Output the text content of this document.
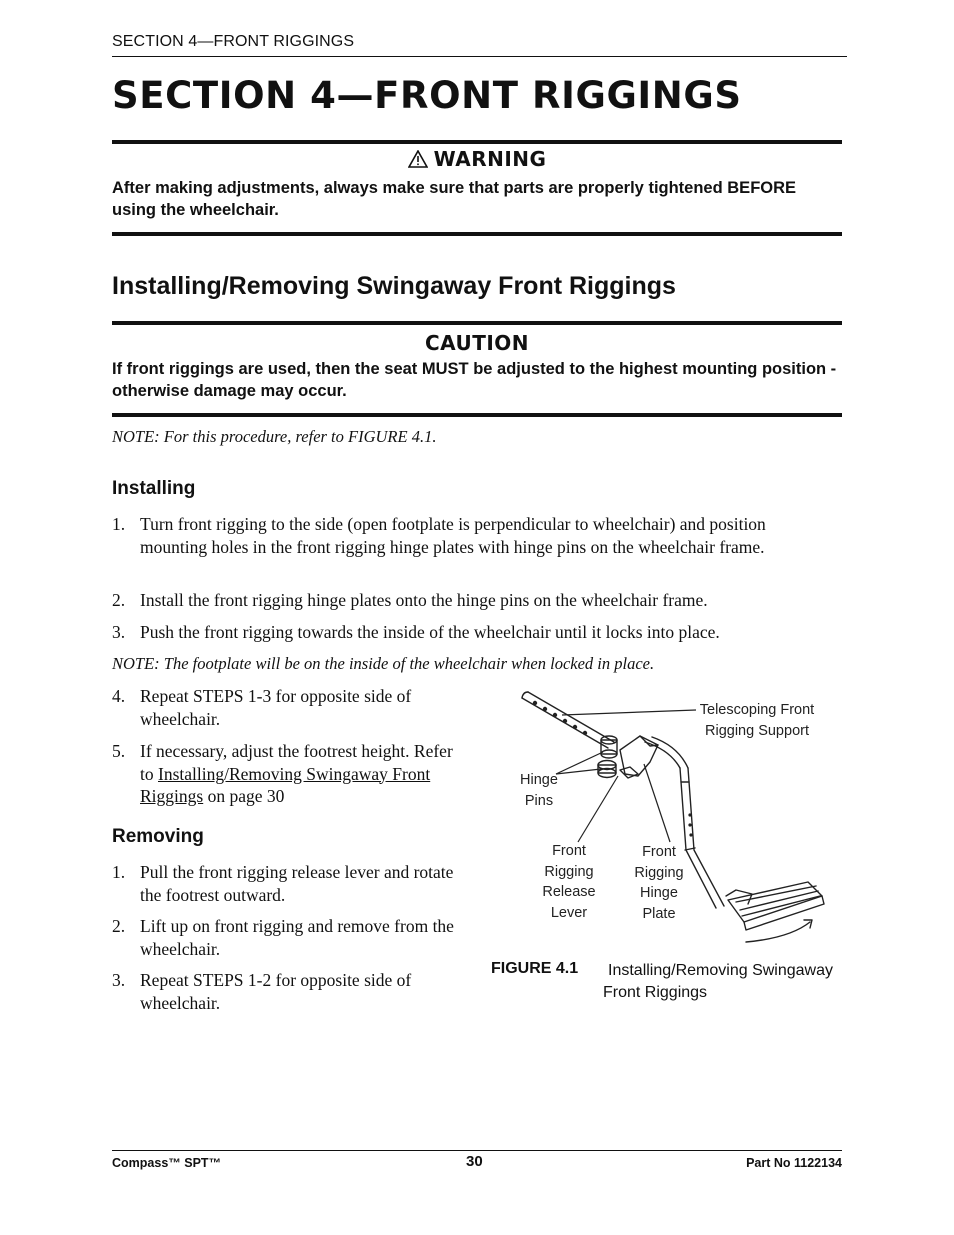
SECTION 4—FRONT RIGGINGS
SECTION 4—FRONT RIGGINGS
WARNING
After making adjustments, always make sure that parts are properly tightened BEFORE using the wheelchair.
Installing/Removing Swingaway Front Riggings
CAUTION
If front riggings are used, then the seat MUST be adjusted to the highest mounting position - otherwise damage may occur.
NOTE: For this procedure, refer to FIGURE 4.1.
Installing
1. Turn front rigging to the side (open footplate is perpendicular to wheelchair) and position mounting holes in the front rigging hinge plates with hinge pins on the wheelchair frame.
2. Install the front rigging hinge plates onto the hinge pins on the wheelchair frame.
3. Push the front rigging towards the inside of the wheelchair until it locks into place.
NOTE: The footplate will be on the inside of the wheelchair when locked in place.
4. Repeat STEPS 1-3 for opposite side of wheelchair.
5. If necessary, adjust the footrest height. Refer to Installing/Removing Swingaway Front Riggings on page 30
Removing
1. Pull the front rigging release lever and rotate the footrest outward.
2. Lift up on front rigging and remove from the wheelchair.
3. Repeat STEPS 1-2 for opposite side of wheelchair.
Telescoping Front Rigging Support
Hinge Pins
Front Rigging Release Lever
Front Rigging Hinge Plate
FIGURE 4.1	Installing/Removing Swingaway Front Riggings
Compass™ SPT™	30	Part No 1122134
